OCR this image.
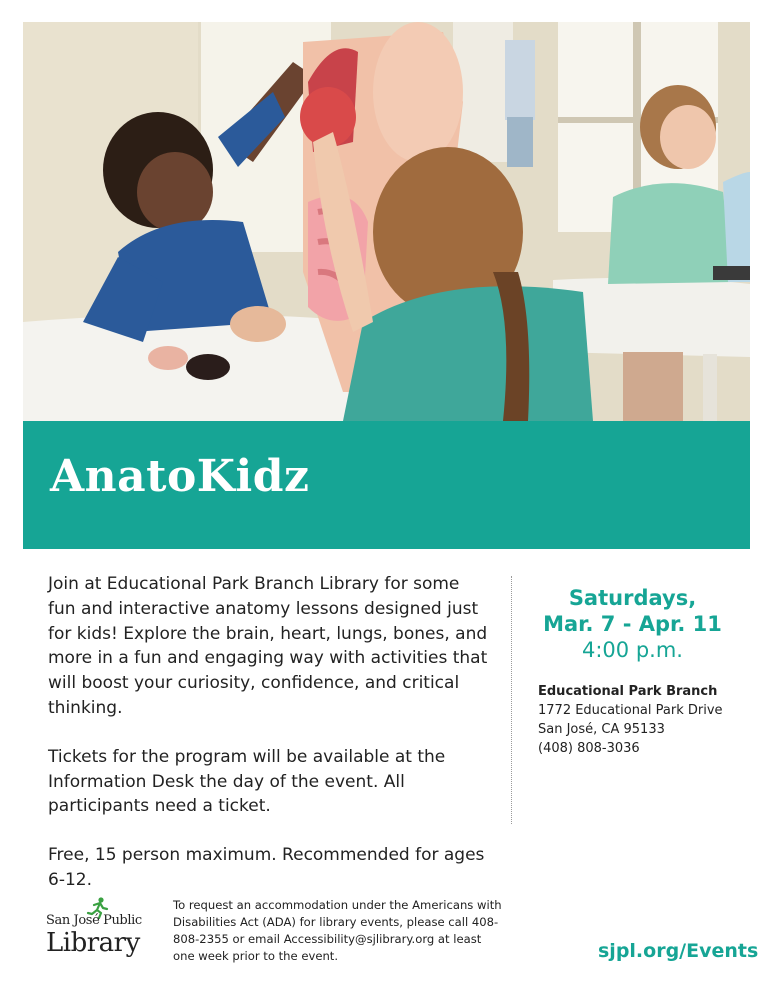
AnatoKidz

Join at Educational Park Branch Library for some fun and interactive anatomy lessons designed just for kids! Explore the brain, heart, lungs, bones, and more in a fun and engaging way with activities that will boost your curiosity, confidence, and critical thinking.

Tickets for the program will be available at the Information Desk the day of the event. All participants need a ticket.

Free, 15 person maximum. Recommended for ages 6-12.

Saturdays,
Mar. 7 - Apr. 11
4:00 p.m.
Educational Park Branch
1772 Educational Park Drive
San José, CA 95133
(408) 808-3036
San José Public
Library
To request an accommodation under the Americans with Disabilities Act (ADA) for library events, please call 408-808-2355 or email Accessibility@sjlibrary.org at least one week prior to the event.	sjpl.org/Events
